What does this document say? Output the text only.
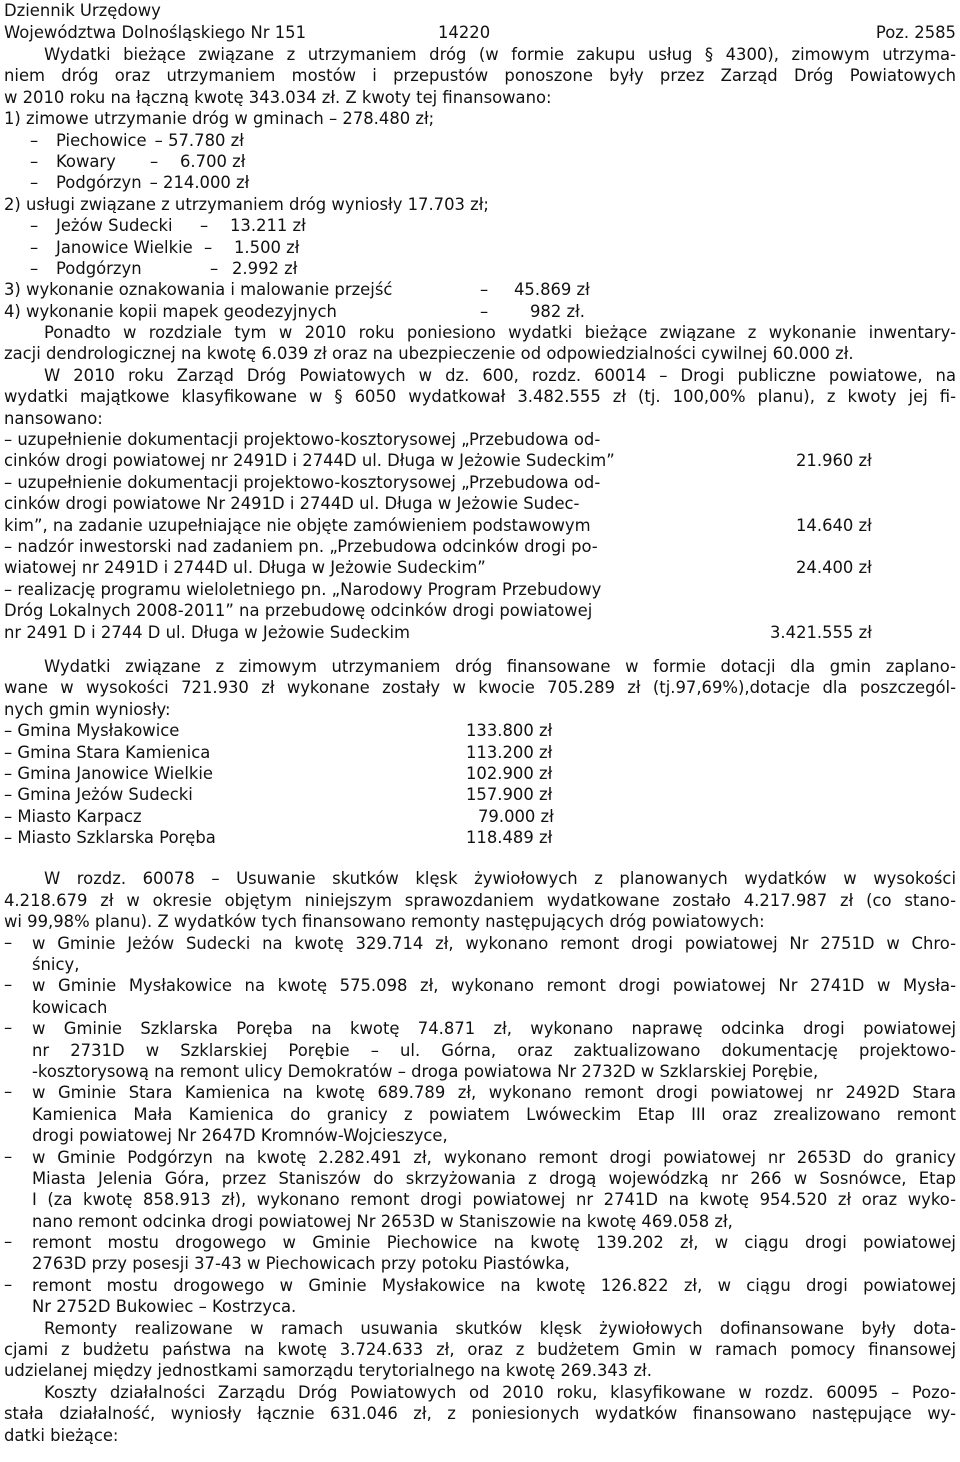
Dziennik Urzędowy
Województwa Dolnośląskiego Nr 151	14220	Poz. 2585
Wydatki bieżące związane z utrzymaniem dróg (w formie zakupu usług § 4300), zimowym utrzyma-
niem dróg oraz utrzymaniem mostów i przepustów ponoszone były przez Zarząd Dróg Powiatowych
w 2010 roku na łączną kwotę 343.034 zł. Z kwoty tej finansowano:
1) zimowe utrzymanie dróg w gminach – 278.480 zł;
– Piechowice – 57.780 zł
– Kowary – 6.700 zł
– Podgórzyn – 214.000 zł
2) usługi związane z utrzymaniem dróg wyniosły 17.703 zł;
– Jeżów Sudecki – 13.211 zł
– Janowice Wielkie – 1.500 zł
– Podgórzyn	– 2.992 zł
3) wykonanie oznakowania i malowanie przejść	– 45.869 zł
4) wykonanie kopii mapek geodezyjnych	–	982 zł.
Ponadto w rozdziale tym w 2010 roku poniesiono wydatki bieżące związane z wykonanie inwentary-
zacji dendrologicznej na kwotę 6.039 zł oraz na ubezpieczenie od odpowiedzialności cywilnej 60.000 zł.
W 2010 roku Zarząd Dróg Powiatowych w dz. 600, rozdz. 60014 – Drogi publiczne powiatowe, na
wydatki majątkowe klasyfikowane w § 6050 wydatkował 3.482.555 zł (tj. 100,00% planu), z kwoty jej fi-
nansowano:
– uzupełnienie dokumentacji projektowo-kosztorysowej „Przebudowa od-
cinków drogi powiatowej nr 2491D i 2744D ul. Długa w Jeżowie Sudeckim”	21.960 zł
– uzupełnienie dokumentacji projektowo-kosztorysowej „Przebudowa od-
cinków drogi powiatowe Nr 2491D i 2744D ul. Długa w Jeżowie Sudec-
kim”, na zadanie uzupełniające nie objęte zamówieniem podstawowym	14.640 zł
– nadzór inwestorski nad zadaniem pn. „Przebudowa odcinków drogi po-
wiatowej nr 2491D i 2744D ul. Długa w Jeżowie Sudeckim”	24.400 zł
– realizację programu wieloletniego pn. „Narodowy Program Przebudowy
Dróg Lokalnych 2008-2011” na przebudowę odcinków drogi powiatowej
nr 2491 D i 2744 D ul. Długa w Jeżowie Sudeckim	3.421.555 zł
Wydatki związane z zimowym utrzymaniem dróg finansowane w formie dotacji dla gmin zaplano-
wane w wysokości 721.930 zł wykonane zostały w kwocie 705.289 zł (tj.97,69%),dotacje dla poszczegól-
nych gmin wyniosły:
– Gmina Mysłakowice	133.800 zł
– Gmina Stara Kamienica	113.200 zł
– Gmina Janowice Wielkie	102.900 zł
– Gmina Jeżów Sudecki	157.900 zł
– Miasto Karpacz	79.000 zł
– Miasto Szklarska Poręba	118.489 zł
W rozdz. 60078 – Usuwanie skutków klęsk żywiołowych z planowanych wydatków w wysokości
4.218.679 zł w okresie objętym niniejszym sprawozdaniem wydatkowane zostało 4.217.987 zł (co stano-
wi 99,98% planu). Z wydatków tych finansowano remonty następujących dróg powiatowych:
– w Gminie Jeżów Sudecki na kwotę 329.714 zł, wykonano remont drogi powiatowej Nr 2751D w Chro-
śnicy,
– w Gminie Mysłakowice na kwotę 575.098 zł, wykonano remont drogi powiatowej Nr 2741D w Mysła-
kowicach
– w Gminie Szklarska Poręba na kwotę 74.871 zł, wykonano naprawę odcinka drogi powiatowej
nr 2731D w Szklarskiej Porębie – ul. Górna, oraz zaktualizowano dokumentację projektowo-
-kosztorysową na remont ulicy Demokratów – droga powiatowa Nr 2732D w Szklarskiej Porębie,
– w Gminie Stara Kamienica na kwotę 689.789 zł, wykonano remont drogi powiatowej nr 2492D Stara
Kamienica Mała Kamienica do granicy z powiatem Lwóweckim Etap III oraz zrealizowano remont
drogi powiatowej Nr 2647D Kromnów-Wojcieszyce,
– w Gminie Podgórzyn na kwotę 2.282.491 zł, wykonano remont drogi powiatowej nr 2653D do granicy
Miasta Jelenia Góra, przez Staniszów do skrzyżowania z drogą wojewódzką nr 266 w Sosnówce, Etap
I (za kwotę 858.913 zł), wykonano remont drogi powiatowej nr 2741D na kwotę 954.520 zł oraz wyko-
nano remont odcinka drogi powiatowej Nr 2653D w Staniszowie na kwotę 469.058 zł,
– remont mostu drogowego w Gminie Piechowice na kwotę 139.202 zł, w ciągu drogi powiatowej
2763D przy posesji 37-43 w Piechowicach przy potoku Piastówka,
– remont mostu drogowego w Gminie Mysłakowice na kwotę 126.822 zł, w ciągu drogi powiatowej
Nr 2752D Bukowiec – Kostrzyca.
Remonty realizowane w ramach usuwania skutków klęsk żywiołowych dofinansowane były dota-
cjami z budżetu państwa na kwotę 3.724.633 zł, oraz z budżetem Gmin w ramach pomocy finansowej
udzielanej między jednostkami samorządu terytorialnego na kwotę 269.343 zł.
Koszty działalności Zarządu Dróg Powiatowych od 2010 roku, klasyfikowane w rozdz. 60095 – Pozo-
stała działalność, wyniosły łącznie 631.046 zł, z poniesionych wydatków finansowano następujące wy-
datki bieżące:
